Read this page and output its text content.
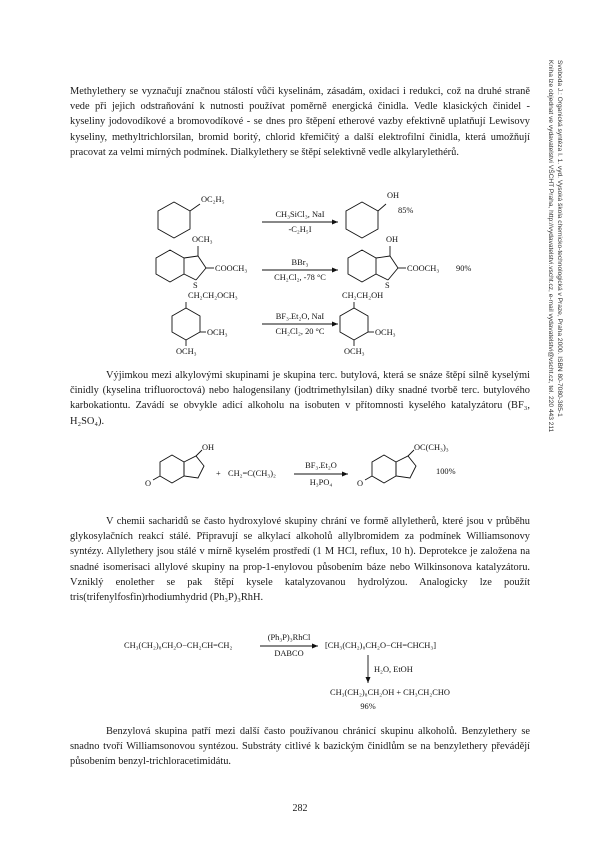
Svoboda J.: Organická syntéza I. 1. vyd. Vysoká škola chemicko-technologická v Praze, Praha 2000. ISBN 80-7080-385-1
Kniha lze objednat ve vydavatelství VŠCHT Praha, http://vydavatelstvi.vscht.cz, e-mail vydavatelstvi@vscht.cz, tel. 220 443 211

Methylethery se vyznačují značnou stálostí vůči kyselinám, zásadám, oxidaci i redukci, což na druhé straně vede při jejich odstraňování k nutnosti používat poměrně energická činidla. Vedle klasických činidel - kyseliny jodovodíkové a bromovodíkové - se dnes pro štěpení etherové vazby efektivně uplatňují Lewisovy kyseliny, methyltrichlorsilan, bromid boritý, chlorid křemičitý a další elektrofilní činidla, která umožňují pracovat za velmi mírných podmínek. Dialkylethery se štěpí selektivně vedle alkylarylethérů.

OC₂H₅
CH₃SiCl₃, NaI
-C₂H₅I
OH
85%
OCH₃
COOCH₃
S
BBr₃
CH₂Cl₂, -78 °C
OH
COOCH₃
S
90%
CH₂CH₂OCH₃
OCH₃
OCH₃
BF₃.Et₂O, NaI
CH₂Cl₂, 20 °C
CH₂CH₂OH
OCH₃
OCH₃

Výjimkou mezi alkylovými skupinami je skupina terc. butylová, která se snáze štěpí silně kyselými činidly (kyselina trifluoroctová) nebo halogensilany (jodtrimethylsilan) díky snadné tvorbě terc. butylového karbokationtu. Zavádí se obvykle adicí alkoholu na isobuten v přítomnosti kyselého katalyzátoru (BF₃, H₂SO₄).

OH
O
+ CH₂=C(CH₃)₂
BF₃.Et₂O
H₃PO₄
OC(CH₃)₃
O
100%

V chemii sacharidů se často hydroxylové skupiny chrání ve formě allyletherů, které jsou v průběhu glykosylačních reakcí stálé. Připravují se alkylací alkoholů allylbromidem za podmínek Williamsonovy syntézy. Allylethery jsou stálé v mírně kyselém prostředí (1 M HCl, reflux, 10 h). Deprotekce je založena na snadné isomerisaci allylové skupiny na prop-1-enylovou působením báze nebo Wilkinsonova katalyzátoru. Vzniklý enolether se pak štěpí kysele katalyzovanou hydrolýzou. Analogicky lze použít tris(trifenylfosfin)rhodiumhydrid (Ph₃P)₃RhH.

CH₃(CH₂)₈CH₂O−CH₂CH=CH₂
(Ph₃P)₃RhCl
DABCO
[CH₃(CH₂)₈CH₂O−CH=CHCH₃]
H₂O, EtOH
CH₃(CH₂)₈CH₂OH + CH₃CH₂CHO
96%

Benzylová skupina patří mezi další často používanou chránicí skupinu alkoholů. Benzylethery se snadno tvoří Williamsonovou syntézou. Substráty citlivé k bazickým činidlům se na benzylethery převádějí působením benzyl-trichloracetimidátu.

282
